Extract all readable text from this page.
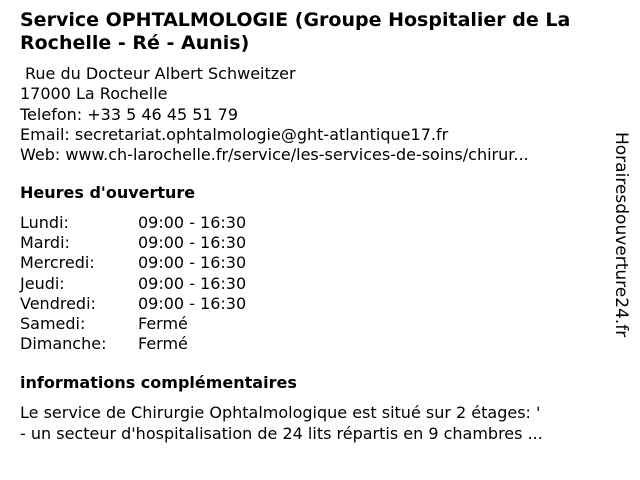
Service OPHTALMOLOGIE (Groupe Hospitalier de La Rochelle - Ré - Aunis)
Rue du Docteur Albert Schweitzer
17000 La Rochelle
Telefon: +33 5 46 45 51 79
Email: secretariat.ophtalmologie@ght-atlantique17.fr
Web: www.ch-larochelle.fr/service/les-services-de-soins/chirur...
Heures d'ouverture
Lundi:	09:00 - 16:30
Mardi:	09:00 - 16:30
Mercredi:	09:00 - 16:30
Jeudi:	09:00 - 16:30
Vendredi:	09:00 - 16:30
Samedi:	Fermé
Dimanche:	Fermé
informations complémentaires
Le service de Chirurgie Ophtalmologique est situé sur 2 étages: '
- un secteur d'hospitalisation de 24 lits répartis en 9 chambres ...
Horairesdouverture24.fr
